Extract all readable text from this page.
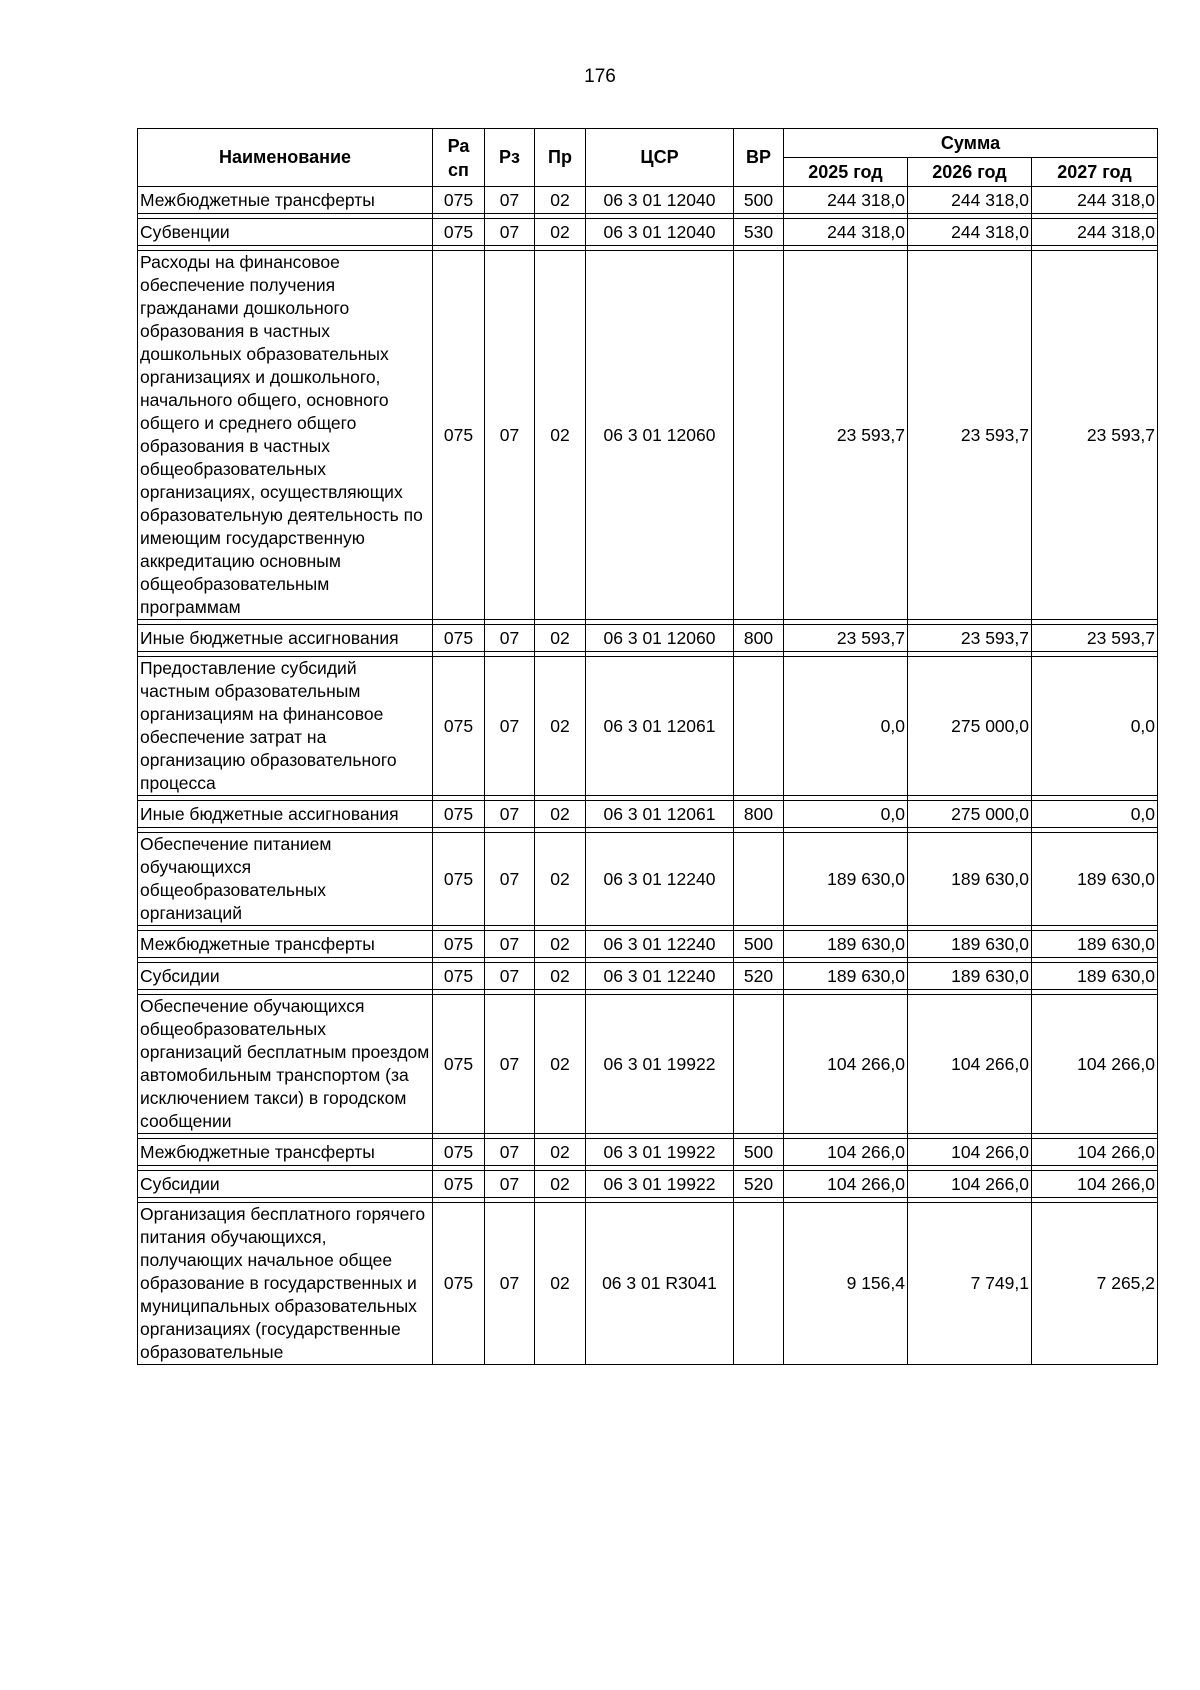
176
Наименование	Ра сп	Рз	Пр	ЦСР	ВР	Сумма		
						2025 год	2026 год	2027 год
Межбюджетные трансферты	075	07	02	06 3 01 12040	500	244 318,0	244 318,0	244 318,0

Субвенции	075	07	02	06 3 01 12040	530	244 318,0	244 318,0	244 318,0

Расходы на финансовое обеспечение получения гражданами дошкольного образования в частных дошкольных образовательных организациях и дошкольного, начального общего, основного общего и среднего общего образования в частных общеобразовательных организациях, осуществляющих образовательную деятельность по имеющим государственную аккредитацию основным общеобразовательным программам	075	07	02	06 3 01 12060		23 593,7	23 593,7	23 593,7

Иные бюджетные ассигнования	075	07	02	06 3 01 12060	800	23 593,7	23 593,7	23 593,7

Предоставление субсидий частным образовательным организациям на финансовое обеспечение затрат на организацию образовательного процесса	075	07	02	06 3 01 12061		0,0	275 000,0	0,0

Иные бюджетные ассигнования	075	07	02	06 3 01 12061	800	0,0	275 000,0	0,0

Обеспечение питанием обучающихся общеобразовательных организаций	075	07	02	06 3 01 12240		189 630,0	189 630,0	189 630,0

Межбюджетные трансферты	075	07	02	06 3 01 12240	500	189 630,0	189 630,0	189 630,0

Субсидии	075	07	02	06 3 01 12240	520	189 630,0	189 630,0	189 630,0

Обеспечение обучающихся общеобразовательных организаций бесплатным проездом автомобильным транспортом (за исключением такси) в городском сообщении	075	07	02	06 3 01 19922		104 266,0	104 266,0	104 266,0

Межбюджетные трансферты	075	07	02	06 3 01 19922	500	104 266,0	104 266,0	104 266,0

Субсидии	075	07	02	06 3 01 19922	520	104 266,0	104 266,0	104 266,0

Организация бесплатного горячего питания обучающихся, получающих начальное общее образование в государственных и муниципальных образовательных организациях (государственные образовательные	075	07	02	06 3 01 R3041		9 156,4	7 749,1	7 265,2
